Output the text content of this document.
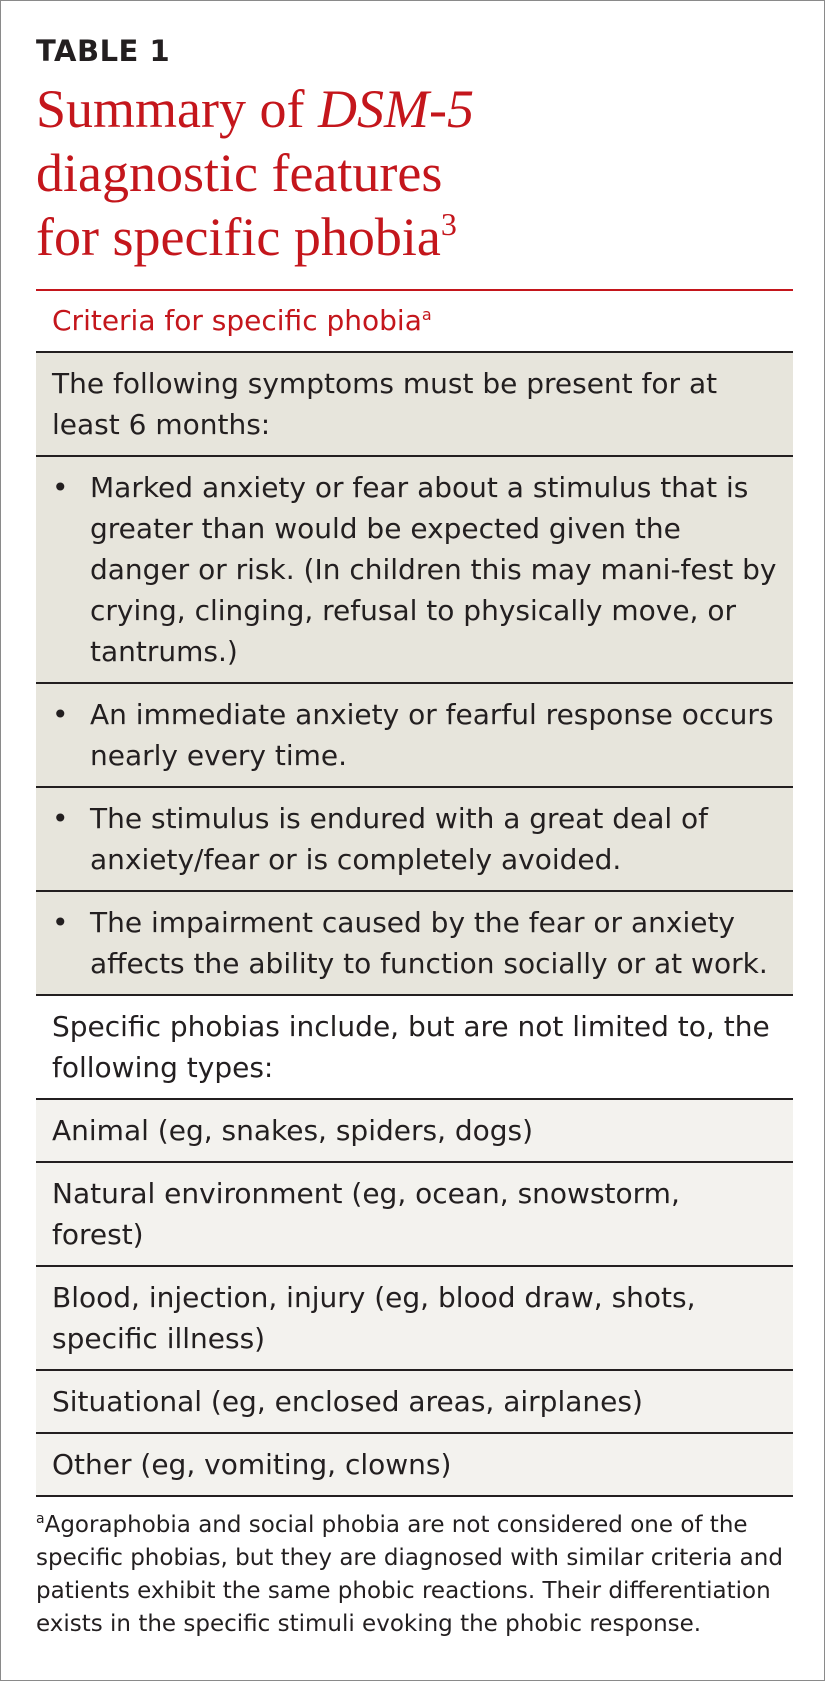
TABLE 1
Summary of DSM-5
diagnostic features
for specific phobia$^3$
Criteria for specific phobia$^a$
The following symptoms must be present for at least 6 months:
• Marked anxiety or fear about a stimulus that is greater than would be expected given the danger or risk. (In children this may mani-fest by crying, clinging, refusal to physically move, or tantrums.)
• An immediate anxiety or fearful response occurs nearly every time.
• The stimulus is endured with a great deal of anxiety/fear or is completely avoided.
• The impairment caused by the fear or anxiety affects the ability to function socially or at work.
Specific phobias include, but are not limited to, the following types:
Animal (eg, snakes, spiders, dogs)
Natural environment (eg, ocean, snowstorm, forest)
Blood, injection, injury (eg, blood draw, shots, specific illness)
Situational (eg, enclosed areas, airplanes)
Other (eg, vomiting, clowns)
$^a$Agoraphobia and social phobia are not considered one of the specific phobias, but they are diagnosed with similar criteria and patients exhibit the same phobic reactions. Their differentiation exists in the specific stimuli evoking the phobic response.
